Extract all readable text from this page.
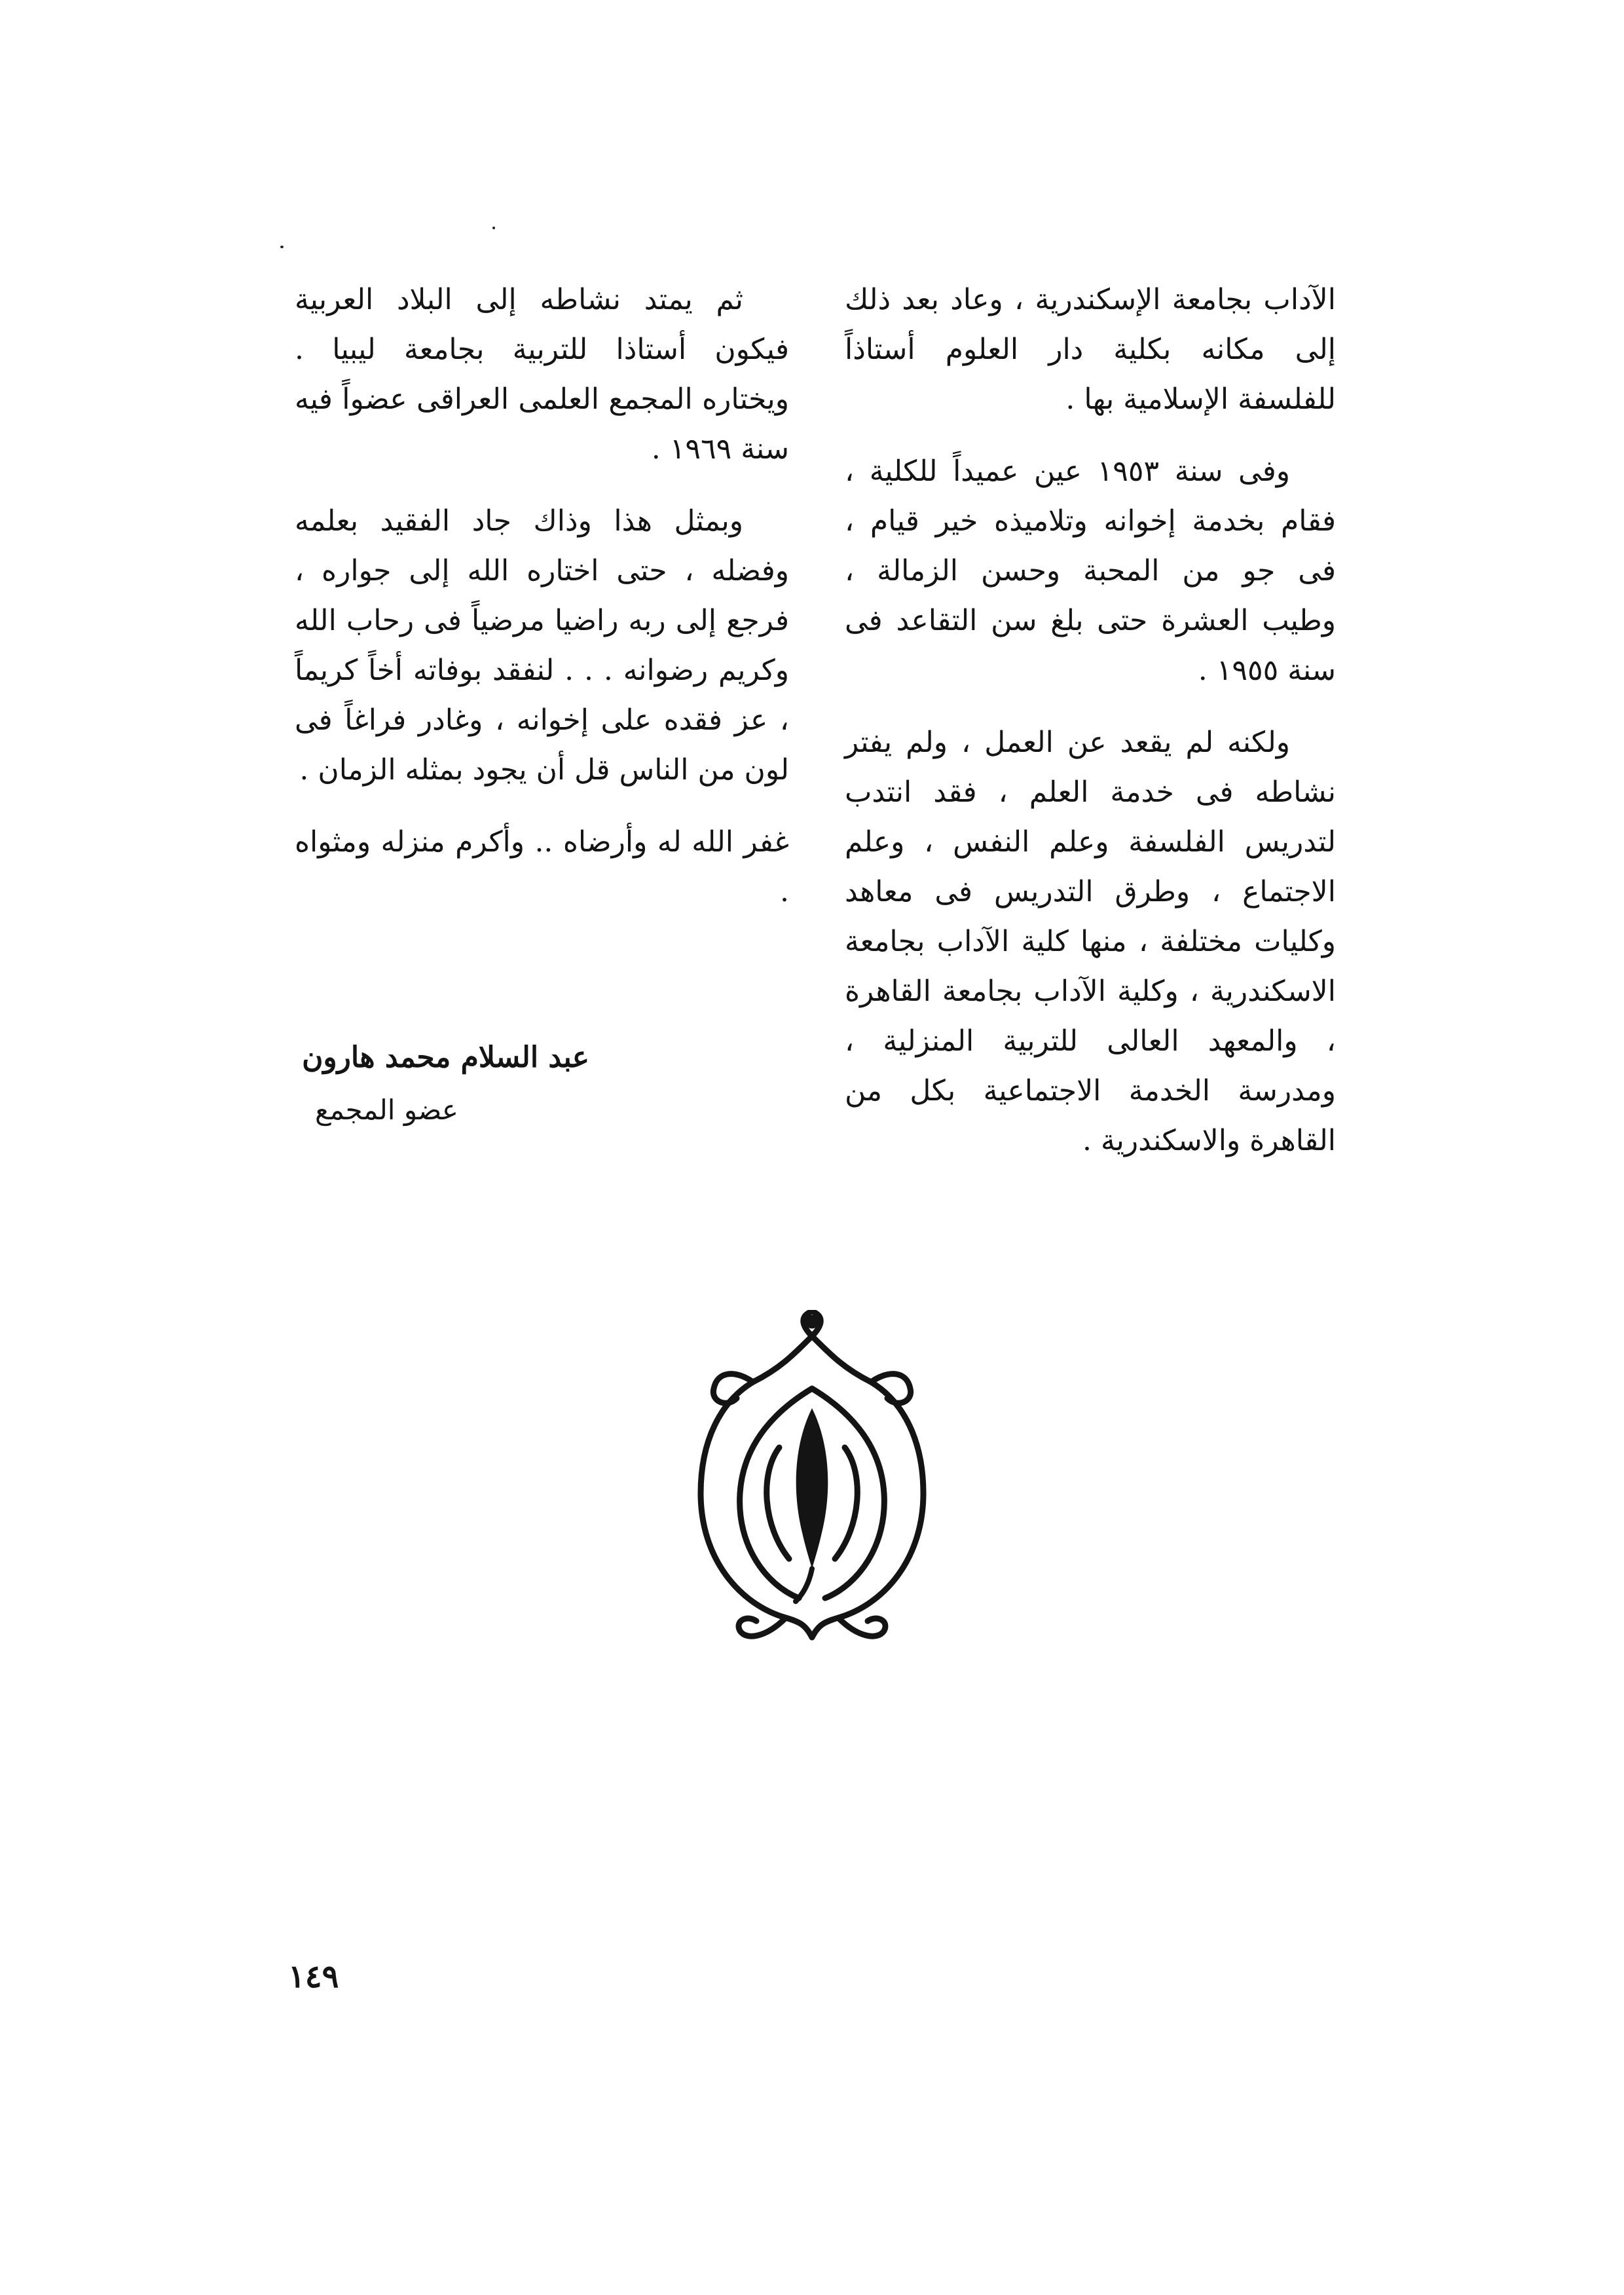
الآداب بجامعة الإسكندرية ، وعاد بعد ذلك إلى مكانه بكلية دار العلوم أستاذاً للفلسفة الإسلامية بها .

وفى سنة ١٩٥٣ عين عميداً للكلية ، فقام بخدمة إخوانه وتلاميذه خير قيام ، فى جو من المحبة وحسن الزمالة ، وطيب العشرة حتى بلغ سن التقاعد فى سنة ١٩٥٥ .

ولكنه لم يقعد عن العمل ، ولم يفتر نشاطه فى خدمة العلم ، فقد انتدب لتدريس الفلسفة وعلم النفس ، وعلم الاجتماع ، وطرق التدريس فى معاهد وكليات مختلفة ، منها كلية الآداب بجامعة الاسكندرية ، وكلية الآداب بجامعة القاهرة ، والمعهد العالى للتربية المنزلية ، ومدرسة الخدمة الاجتماعية بكل من القاهرة والاسكندرية .

ثم يمتد نشاطه إلى البلاد العربية فيكون أستاذا للتربية بجامعة ليبيا . ويختاره المجمع العلمى العراقى عضواً فيه سنة ١٩٦٩ .

وبمثل هذا وذاك جاد الفقيد بعلمه وفضله ، حتى اختاره الله إلى جواره ، فرجع إلى ربه راضيا مرضياً فى رحاب الله وكريم رضوانه . . . لنفقد بوفاته أخاً كريماً ، عز فقده على إخوانه ، وغادر فراغاً فى لون من الناس قل أن يجود بمثله الزمان .

غفر الله له وأرضاه .. وأكرم منزله ومثواه .

عبد السلام محمد هارون
عضو المجمع
١٤٩
